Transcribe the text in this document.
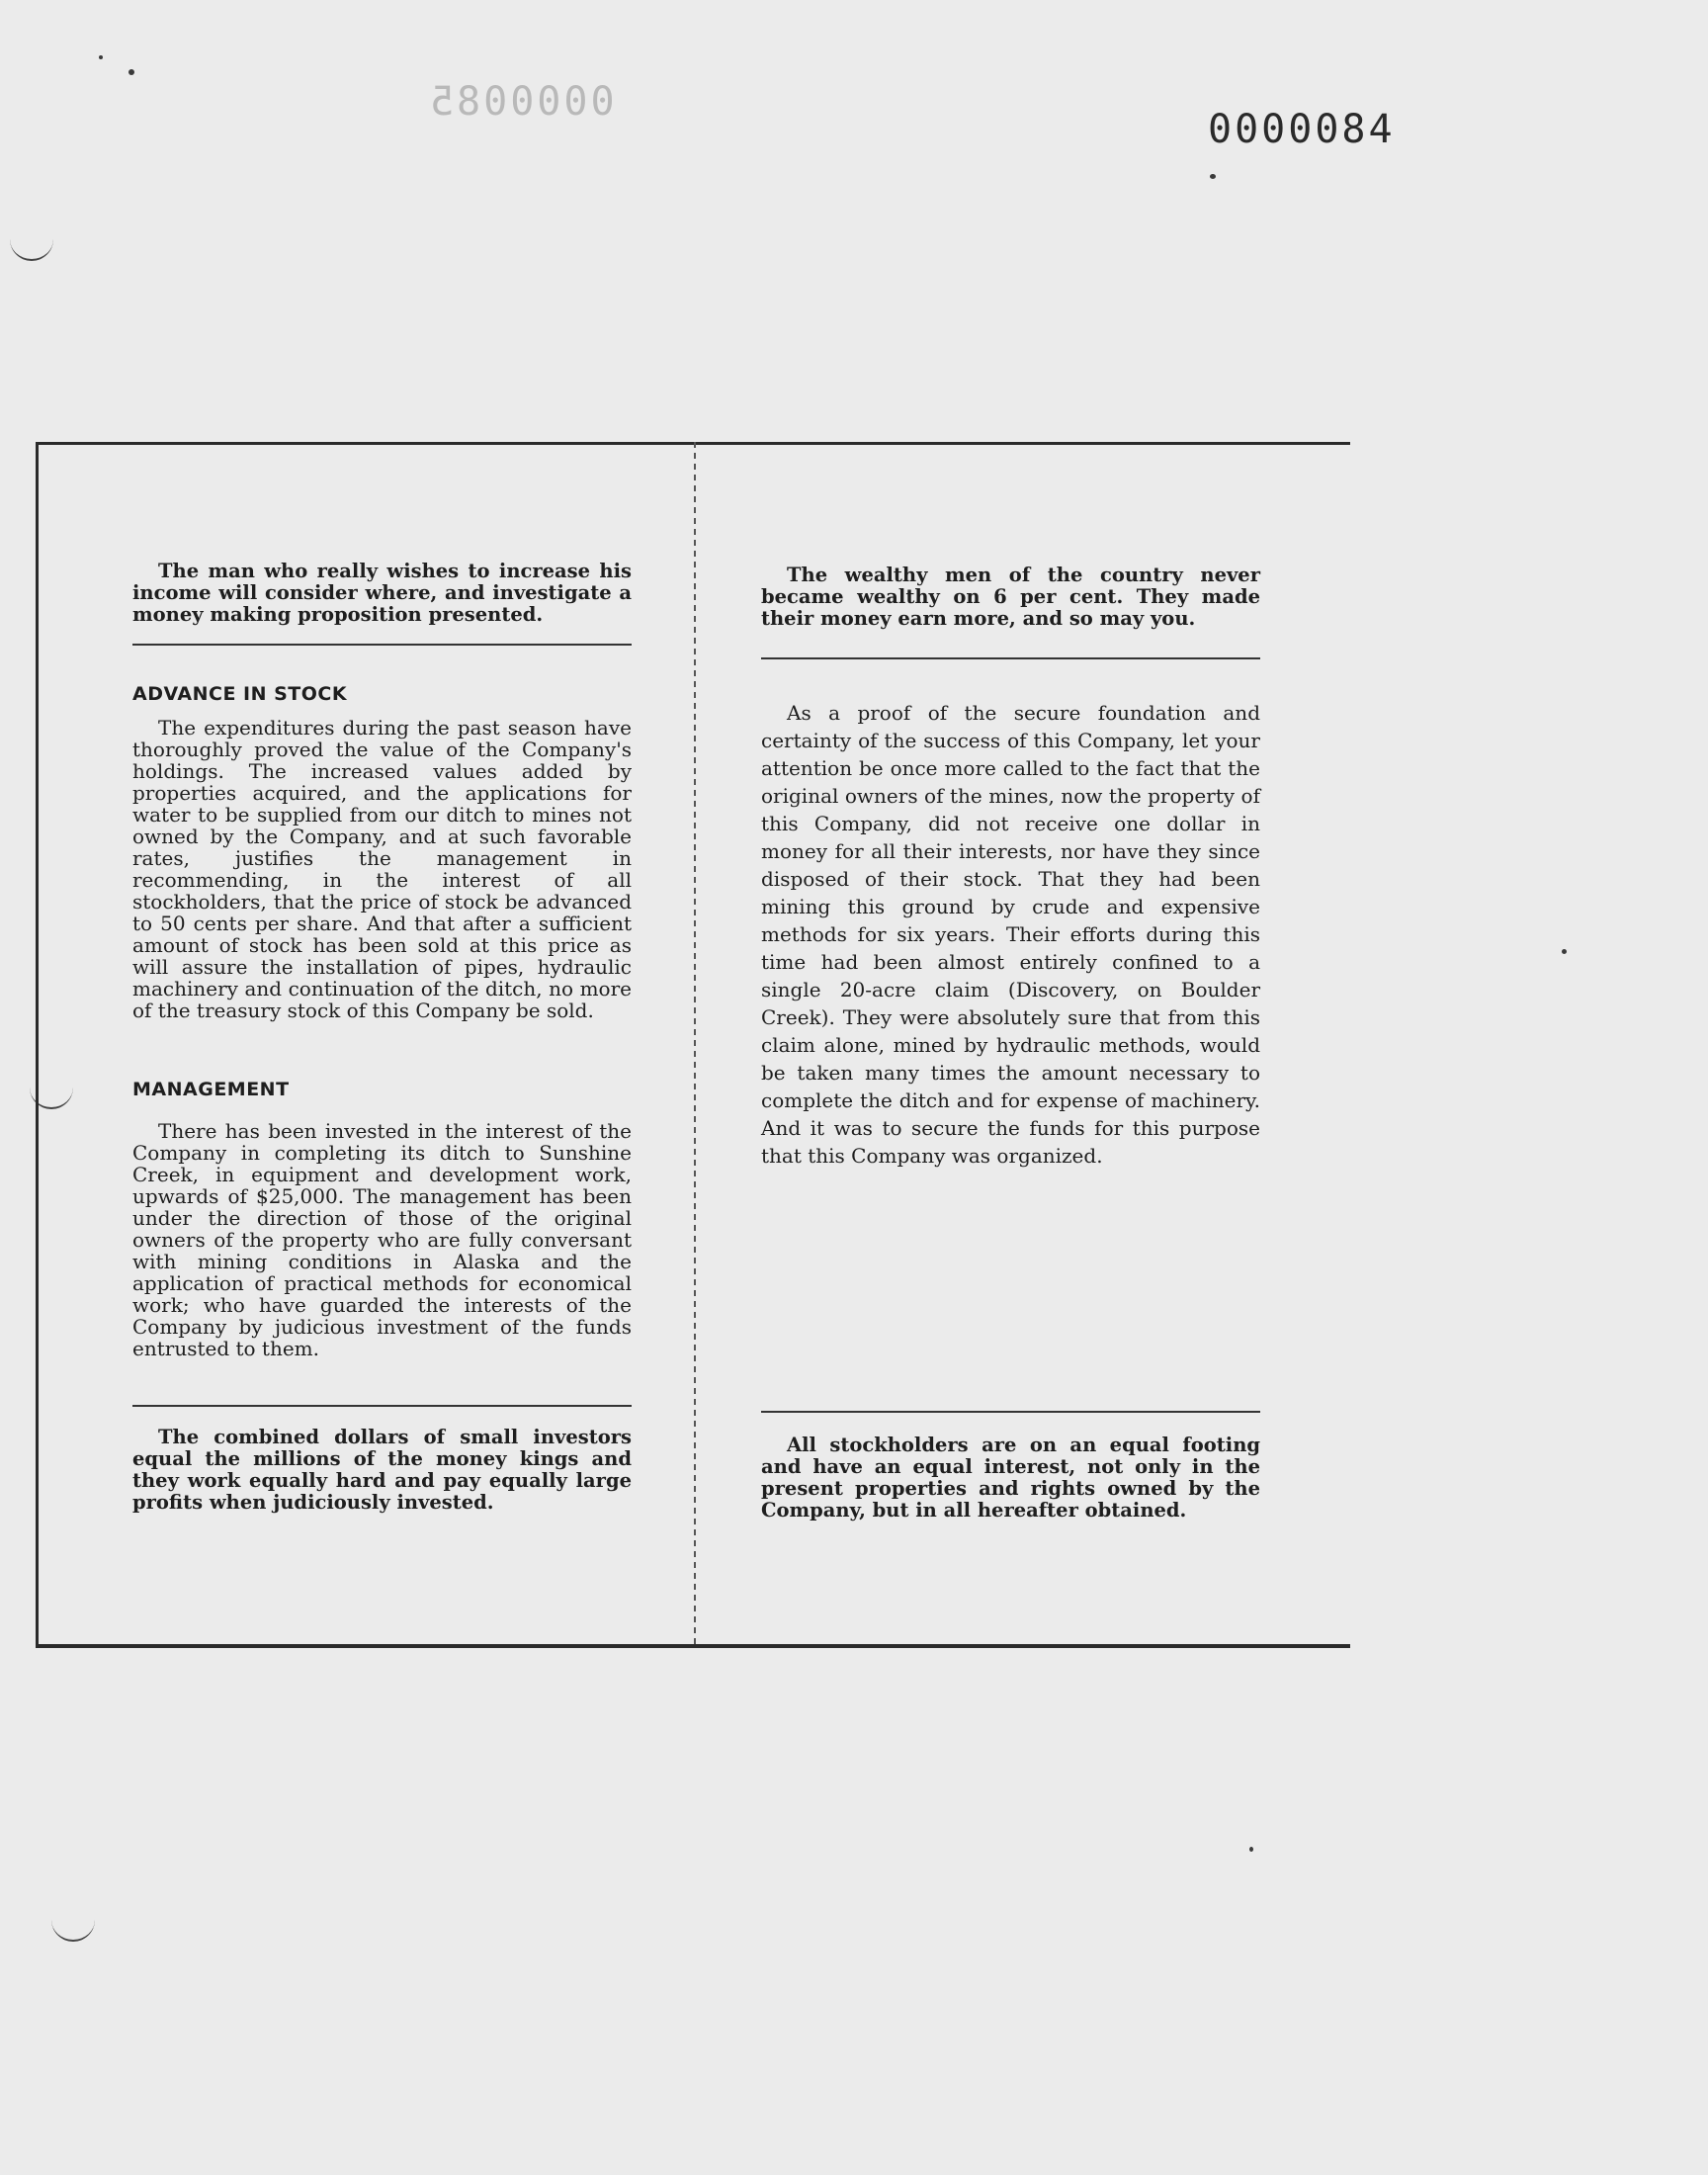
0000085
0000084
The man who really wishes to increase his income will consider where, and investigate a money making proposition presented.
ADVANCE IN STOCK
The expenditures during the past season have thoroughly proved the value of the Company's holdings. The increased values added by properties acquired, and the applications for water to be supplied from our ditch to mines not owned by the Company, and at such favorable rates, justifies the management in recommending, in the interest of all stockholders, that the price of stock be advanced to 50 cents per share. And that after a sufficient amount of stock has been sold at this price as will assure the installation of pipes, hydraulic machinery and continuation of the ditch, no more of the treasury stock of this Company be sold.
MANAGEMENT
There has been invested in the interest of the Company in completing its ditch to Sunshine Creek, in equipment and development work, upwards of $25,000. The management has been under the direction of those of the original owners of the property who are fully conversant with mining conditions in Alaska and the application of practical methods for economical work; who have guarded the interests of the Company by judicious investment of the funds entrusted to them.
The combined dollars of small investors equal the millions of the money kings and they work equally hard and pay equally large profits when judiciously invested.
The wealthy men of the country never became wealthy on 6 per cent. They made their money earn more, and so may you.
As a proof of the secure foundation and certainty of the success of this Company, let your attention be once more called to the fact that the original owners of the mines, now the property of this Company, did not receive one dollar in money for all their interests, nor have they since disposed of their stock. That they had been mining this ground by crude and expensive methods for six years. Their efforts during this time had been almost entirely confined to a single 20-acre claim (Discovery, on Boulder Creek). They were absolutely sure that from this claim alone, mined by hydraulic methods, would be taken many times the amount necessary to complete the ditch and for expense of machinery. And it was to secure the funds for this purpose that this Company was organized.
All stockholders are on an equal footing and have an equal interest, not only in the present properties and rights owned by the Company, but in all hereafter obtained.
